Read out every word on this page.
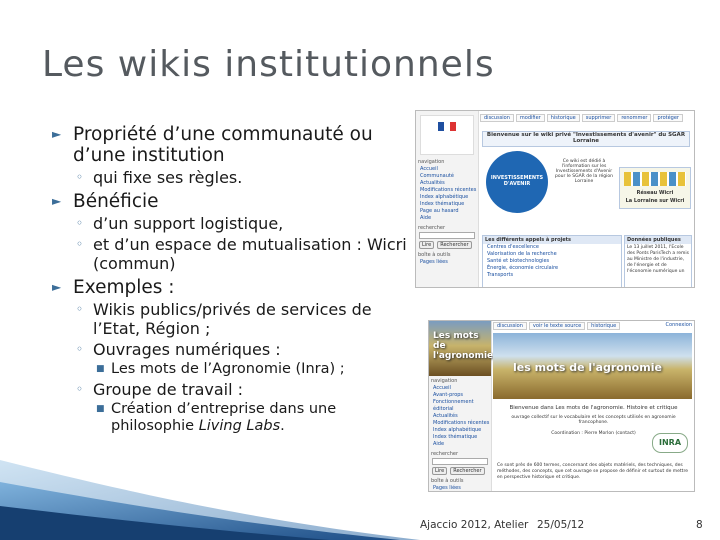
Les wikis institutionnels
► Propriété d’une communauté ou d’une institution
◦ qui fixe ses règles.
► Bénéficie
◦ d’un support logistique,
◦ et d’un espace de mutualisation : Wicri (commun)
► Exemples :
◦ Wikis publics/privés de services de l’Etat, Région ;
◦ Ouvrages numériques :
■ Les mots de l’Agronomie (Inra) ;
◦ Groupe de travail :
■ Création d’entreprise dans une philosophie Living Labs.
navigation
Accueil
Communauté
Actualités
Modifications récentes
Index alphabétique
Index thématique
Page au hasard
Aide
rechercher
Lire Rechercher
boîte à outils
Pages liées
discussion modifier historique supprimer renommer protéger
Bienvenue sur le wiki privé "Investissements d'avenir" du SGAR Lorraine
INVESTISSEMENTS D'AVENIR
Ce wiki est dédié à l'information sur les Investissements d'Avenir pour le SGAR de la région Lorraine
Réseau Wicri
La Lorraine sur Wicri
Les différents appels à projets
Centres d'excellence
Valorisation de la recherche
Santé et biotechnologies
Énergie, économie circulaire
Transports
Données publiques
Le 13 juillet 2011, l'Ecole des Ponts ParisTech a remis au Ministre de l'industrie, de l'énergie et de l'économie numérique un
Les mots de l'agronomie
navigation
Accueil
Avant-props
Fonctionnement éditorial
Actualités
Modifications récentes
Index alphabétique
Index thématique
Aide
rechercher
Lire Rechercher
boîte à outils
Pages liées
discussion voir le texte source historique	Connexion
les mots de l'agronomie
Bienvenue dans Les mots de l'agronomie. Histoire et critique
ouvrage collectif sur le vocabulaire et les concepts utilisés en agronomie francophone.
Coordination : Pierre Morlon (contact)
INRA
Ce sont près de 600 termes, concernant des objets matériels, des techniques, des méthodes, des concepts, que cet ouvrage se propose de définir et surtout de mettre en perspective historique et critique.
Ajaccio 2012, Atelier 25/05/12	8
